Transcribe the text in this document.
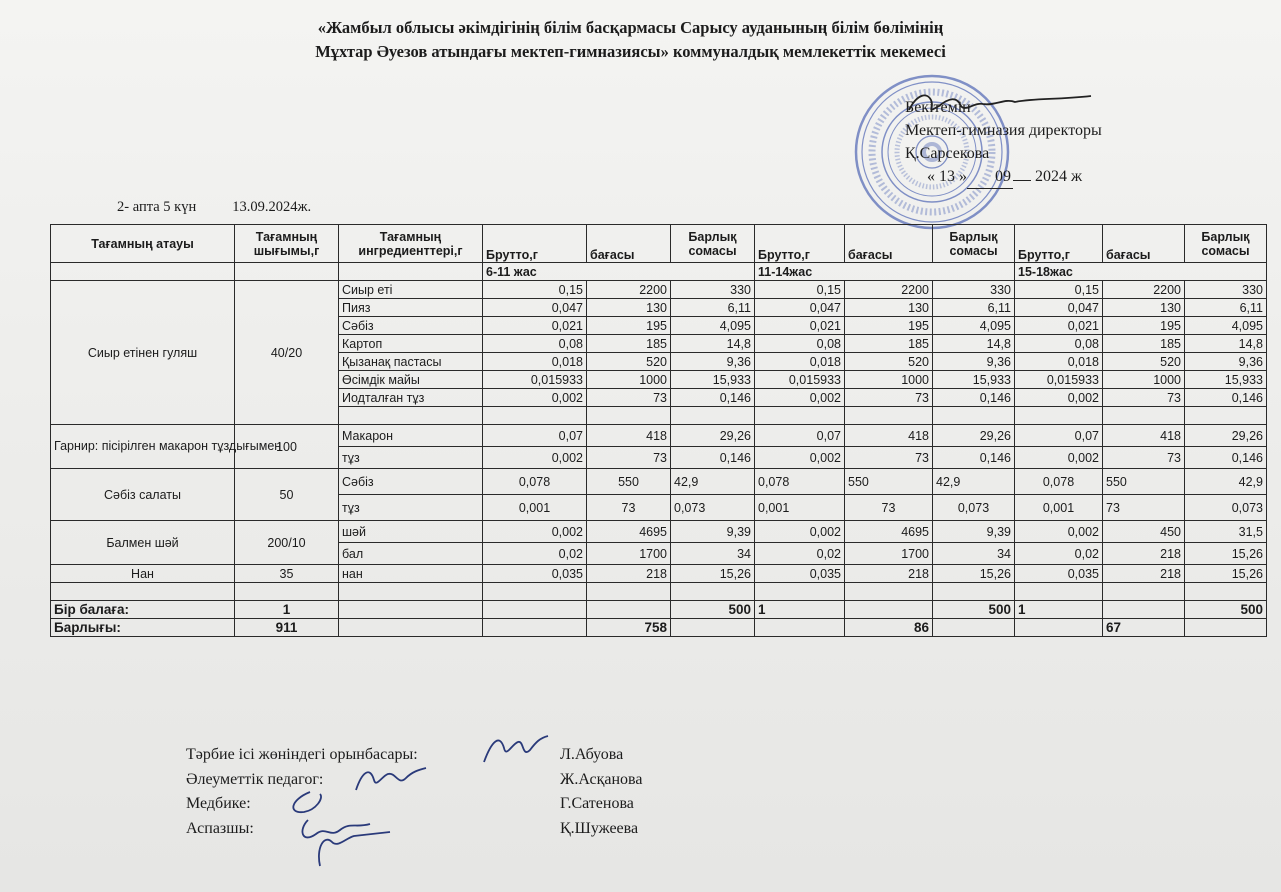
«Жамбыл облысы әкімдігінің білім басқармасы Сарысу ауданының білім бөлімінің
Мұхтар Әуезов атындағы мектеп-гимназиясы» коммуналдық мемлекеттік мекемесі
Бекітемін
Мектеп-гимназия директоры
Қ.Сарсекова
« 13 » 09 2024 ж
2- апта 5 күн 13.09.2024ж.
Тағамның атауы	Тағамның шығымы,г	Тағамның ингредиенттері,г	Брутто,г	бағасы	Барлық сомасы	Брутто,г	бағасы	Барлық сомасы	Брутто,г	бағасы	Барлық сомасы
			6-11 жас			11-14жас			15-18жас		
Сиыр етінен гуляш	40/20	Сиыр еті	0,15	2200	330	0,15	2200	330	0,15	2200	330
		Пияз	0,047	130	6,11	0,047	130	6,11	0,047	130	6,11
		Сәбіз	0,021	195	4,095	0,021	195	4,095	0,021	195	4,095
		Картоп	0,08	185	14,8	0,08	185	14,8	0,08	185	14,8
		Қызанақ пастасы	0,018	520	9,36	0,018	520	9,36	0,018	520	9,36
		Өсімдік майы	0,015933	1000	15,933	0,015933	1000	15,933	0,015933	1000	15,933
		Иодталған тұз	0,002	73	0,146	0,002	73	0,146	0,002	73	0,146

Гарнир: пісірілген макарон тұздығымен	100	Макарон	0,07	418	29,26	0,07	418	29,26	0,07	418	29,26
		тұз	0,002	73	0,146	0,002	73	0,146	0,002	73	0,146
Сәбіз салаты	50	Сәбіз	0,078	550	42,9	0,078	550	42,9	0,078	550	42,9
		тұз	0,001	73	0,073	0,001	73	0,073	0,001	73	0,073
Балмен шәй	200/10	шәй	0,002	4695	9,39	0,002	4695	9,39	0,002	450	31,5
		бал	0,02	1700	34	0,02	1700	34	0,02	218	15,26
Нан	35	нан	0,035	218	15,26	0,035	218	15,26	0,035	218	15,26

Бір балаға:	1				500	1		500	1		500
Барлығы:	911			758			86			67	
Тәрбие ісі жөніндегі орынбасары:	Л.Абуова
Әлеуметтік педагог:	Ж.Асқанова
Медбике:	Г.Сатенова
Аспазшы:	Қ.Шужеева
